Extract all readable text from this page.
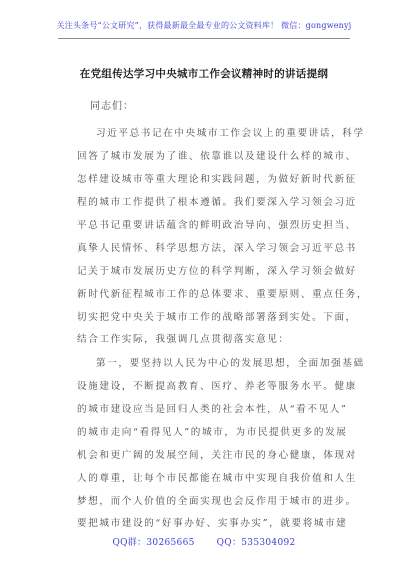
关注头条号“公文研究”，获得最新最全最专业的公文资料库！ 微信：gongwenyj
在党组传达学习中央城市工作会议精神时的讲话提纲
同志们：
习近平总书记在中央城市工作会议上的重要讲话，科学
回答了城市发展为了谁、依靠谁以及建设什么样的城市、
怎样建设城市等重大理论和实践问题，为做好新时代新征
程的城市工作提供了根本遵循。我们要深入学习领会习近
平总书记重要讲话蕴含的鲜明政治导向、强烈历史担当、
真挚人民情怀、科学思想方法，深入学习领会习近平总书
记关于城市发展历史方位的科学判断，深入学习领会做好
新时代新征程城市工作的总体要求、重要原则、重点任务，
切实把党中央关于城市工作的战略部署落到实处。下面，
结合工作实际，我强调几点贯彻落实意见：
第一，要坚持以人民为中心的发展思想，全面加强基础
设施建设，不断提高教育、医疗、养老等服务水平。健康
的城市建设应当是回归人类的社会本性，从“看不见人”
的城市走向“看得见人”的城市，为市民提供更多的发展
机会和更广阔的发展空间，关注市民的身心健康，体现对
人的尊重，让每个市民都能在城市中实现自我价值和人生
梦想，而个人价值的全面实现也会反作用于城市的进步。
要把城市建设的“好事办好、实事办实”，就要将城市建
QQ群：30265665 QQ：535304092
